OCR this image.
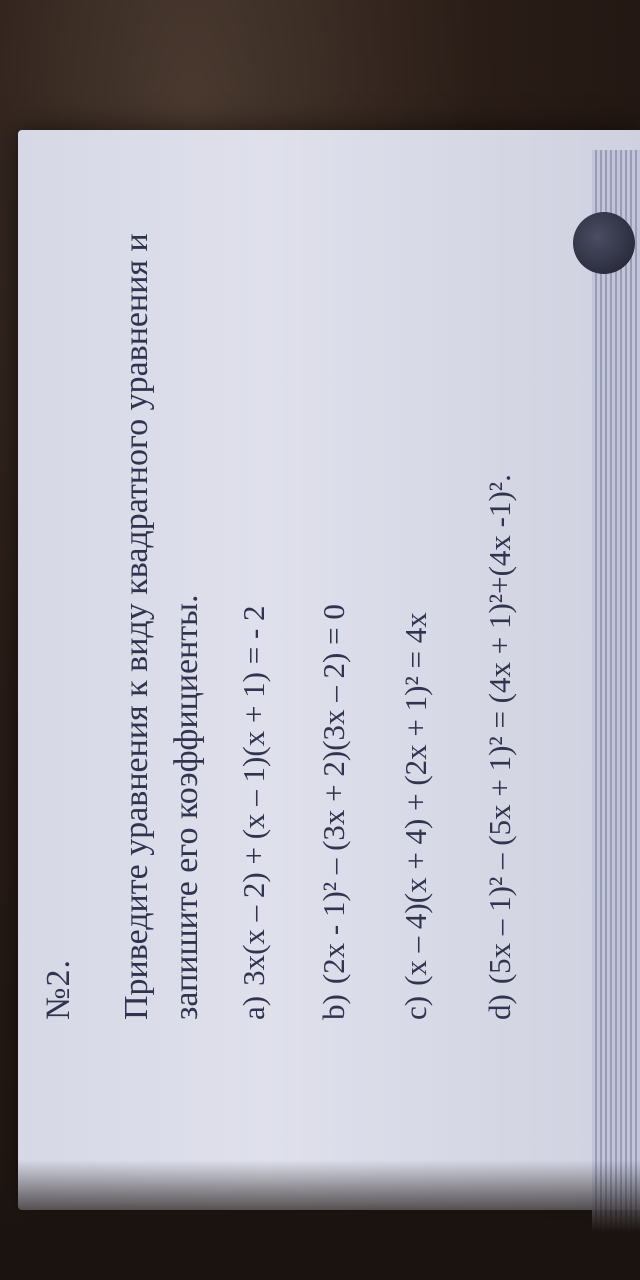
№2. Приведите уравнения к виду квадратного уравнения и запишите его коэффициенты. a)3x(x – 2) + (x – 1)(x + 1) = - 2
b)(2x - 1)² – (3x + 2)(3x – 2) = 0
c)(x – 4)(x + 4) + (2x + 1)² = 4x
d)(5x – 1)² – (5x + 1)² = (4x + 1)²+(4x -1)².
